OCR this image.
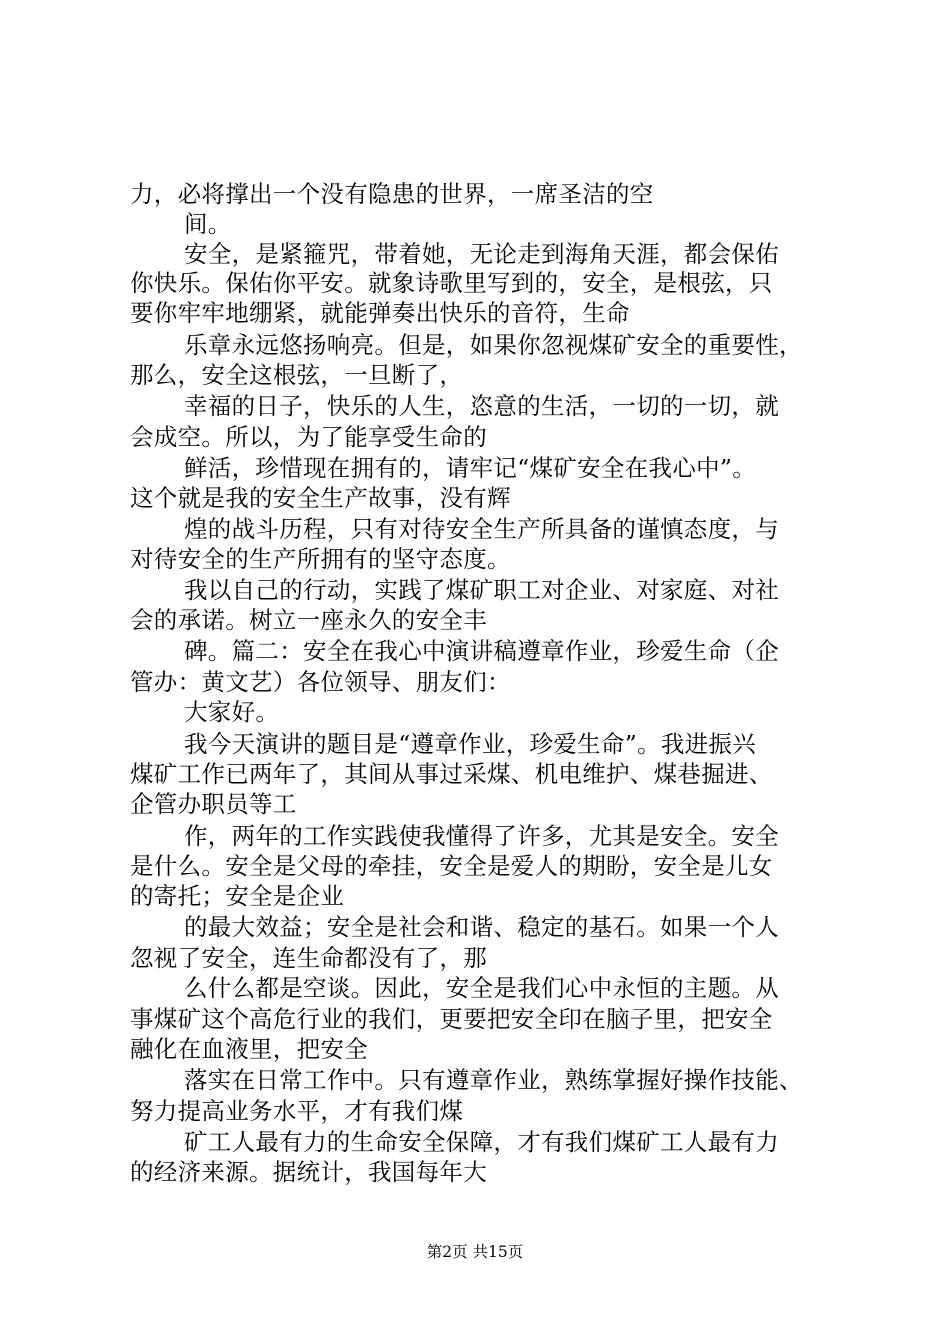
力，必将撑出一个没有隐患的世界，一席圣洁的空
间。
安全，是紧箍咒，带着她，无论走到海角天涯，都会保佑
你快乐。保佑你平安。就象诗歌里写到的，安全，是根弦，只
要你牢牢地绷紧，就能弹奏出快乐的音符，生命
乐章永远悠扬响亮。但是，如果你忽视煤矿安全的重要性，
那么，安全这根弦，一旦断了，
幸福的日子，快乐的人生，恣意的生活，一切的一切，就
会成空。所以，为了能享受生命的
鲜活，珍惜现在拥有的，请牢记“煤矿安全在我心中”。
这个就是我的安全生产故事，没有辉
煌的战斗历程，只有对待安全生产所具备的谨慎态度，与
对待安全的生产所拥有的坚守态度。
我以自己的行动，实践了煤矿职工对企业、对家庭、对社
会的承诺。树立一座永久的安全丰
碑。篇二：安全在我心中演讲稿遵章作业，珍爱生命（企
管办：黄文艺）各位领导、朋友们：
大家好。
我今天演讲的题目是“遵章作业，珍爱生命”。我进振兴
煤矿工作已两年了，其间从事过采煤、机电维护、煤巷掘进、
企管办职员等工
作，两年的工作实践使我懂得了许多，尤其是安全。安全
是什么。安全是父母的牵挂，安全是爱人的期盼，安全是儿女
的寄托；安全是企业
的最大效益；安全是社会和谐、稳定的基石。如果一个人
忽视了安全，连生命都没有了，那
么什么都是空谈。因此，安全是我们心中永恒的主题。从
事煤矿这个高危行业的我们，更要把安全印在脑子里，把安全
融化在血液里，把安全
落实在日常工作中。只有遵章作业，熟练掌握好操作技能、
努力提高业务水平，才有我们煤
矿工人最有力的生命安全保障，才有我们煤矿工人最有力
的经济来源。据统计，我国每年大
第2页 共15页
